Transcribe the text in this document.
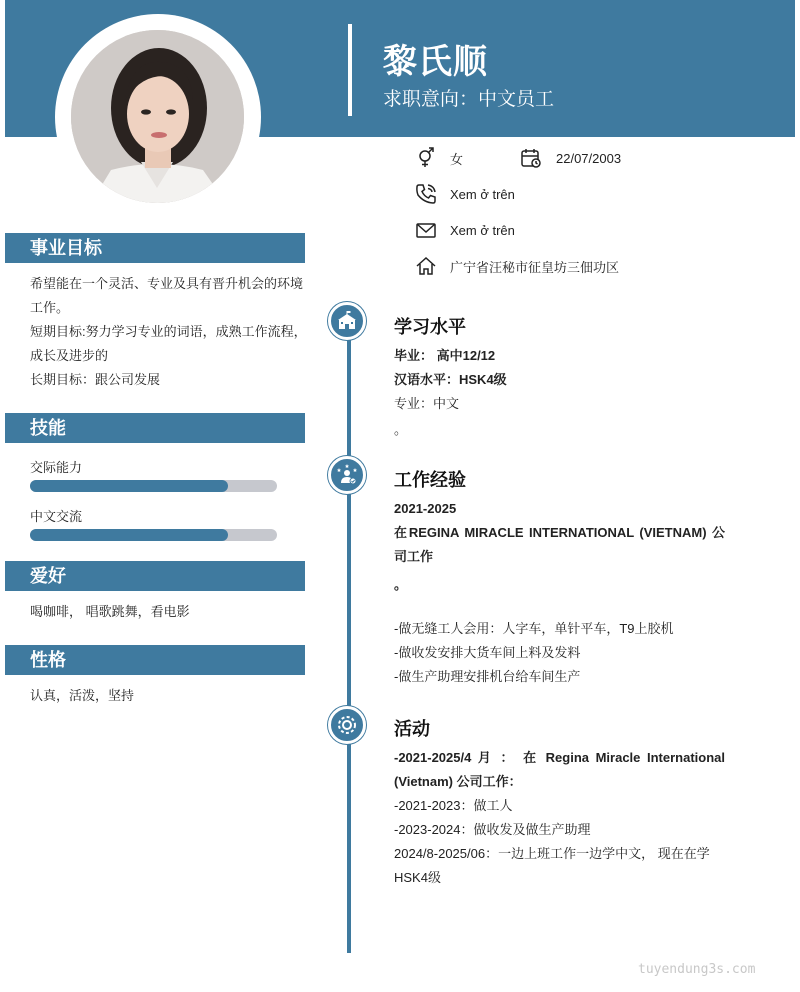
黎氏顺
求职意向：中文员工
女	22/07/2003
Xem ở trên
Xem ở trên
广宁省汪秘市征皇坊三佃功区
事业目标
希望能在一个灵活、专业及具有晋升机会的环境工作。
短期目标:努力学习专业的词语，成熟工作流程，成长及进步的
长期目标：跟公司发展
技能
交际能力
中文交流
爱好
喝咖啡， 唱歌跳舞，看电影
性格
认真，活泼，坚持
学习水平
毕业： 高中12/12
汉语水平：HSK4级
专业：中文
。
工作经验
2021-2025
在REGINA MIRACLE INTERNATIONAL (VIETNAM) 公司工作
。
-做无缝工人会用：人字车，单针平车，T9上胶机
-做收发安排大货车间上料及发料
-做生产助理安排机台给车间生产
活动
-2021-2025/4 月 ： 在 Regina Miracle International (Vietnam) 公司工作：
-2021-2023：做工人
-2023-2024：做收发及做生产助理
2024/8-2025/06：一边上班工作一边学中文， 现在在学HSK4级
tuyendung3s.com
